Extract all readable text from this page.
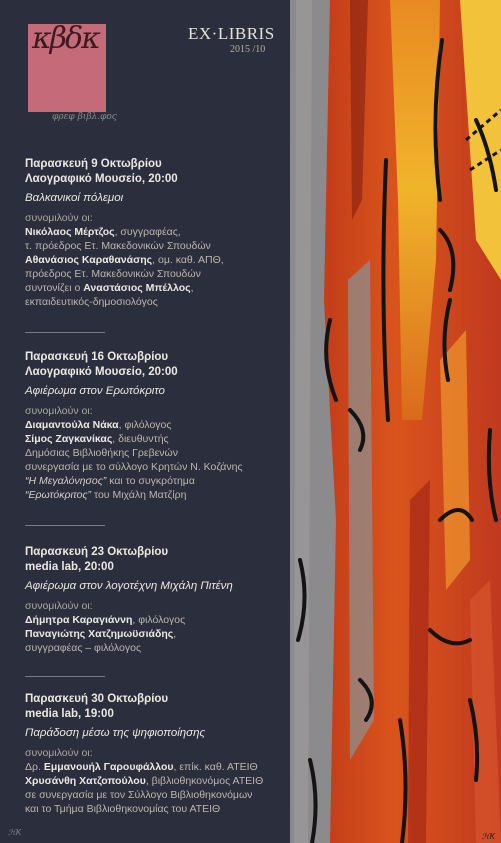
κβδκ
φρεφ βιβλ.φος
EX·LIBRIS
2015 /10
Παρασκευή 9 Οκτωβρίου
Λαογραφικό Μουσείο, 20:00
Βαλκανικοί πόλεμοι
συνομιλούν οι:
Νικόλαος Μέρτζος, συγγραφέας,
τ. πρόεδρος Ετ. Μακεδονικών Σπουδών
Αθανάσιος Καραθανάσης, ομ. καθ. ΑΠΘ,
πρόεδρος Ετ. Μακεδονικών Σπουδών
συντονίζει ο Αναστάσιος Μπέλλος,
εκπαιδευτικός-δημοσιολόγος
Παρασκευή 16 Οκτωβρίου
Λαογραφικό Μουσείο, 20:00
Αφιέρωμα στον Ερωτόκριτο
συνομιλούν οι:
Διαμαντούλα Νάκα, φιλόλογος
Σίμος Ζαγκανίκας, διευθυντής
Δημόσιας Βιβλιοθήκης Γρεβενών
συνεργασία με το σύλλογο Κρητών Ν. Κοζάνης
“Η Μεγαλόνησος” και το συγκρότημα
“Ερωτόκριτος” του Μιχάλη Ματζίρη
Παρασκευή 23 Οκτωβρίου
media lab, 20:00
Αφιέρωμα στον λογοτέχνη Μιχάλη Πιτένη
συνομιλούν οι:
Δήμητρα Καραγιάννη, φιλόλογος
Παναγιώτης Χατζημωϋσιάδης,
συγγραφέας – φιλόλογος
Παρασκευή 30 Οκτωβρίου
media lab, 19:00
Παράδοση μέσω της ψηφιοποίησης
συνομιλούν οι:
Δρ. Εμμανουήλ Γαρουφάλλου, επίκ. καθ. ΑΤΕΙΘ
Χρυσάνθη Χατζοπούλου, βιβλιοθηκονόμος ΑΤΕΙΘ
σε συνεργασία με τον Σύλλογο Βιβλιοθηκονόμων
και το Τμήμα Βιβλιοθηκονομίας του ΑΤΕΙΘ
ℋK	ℋK
